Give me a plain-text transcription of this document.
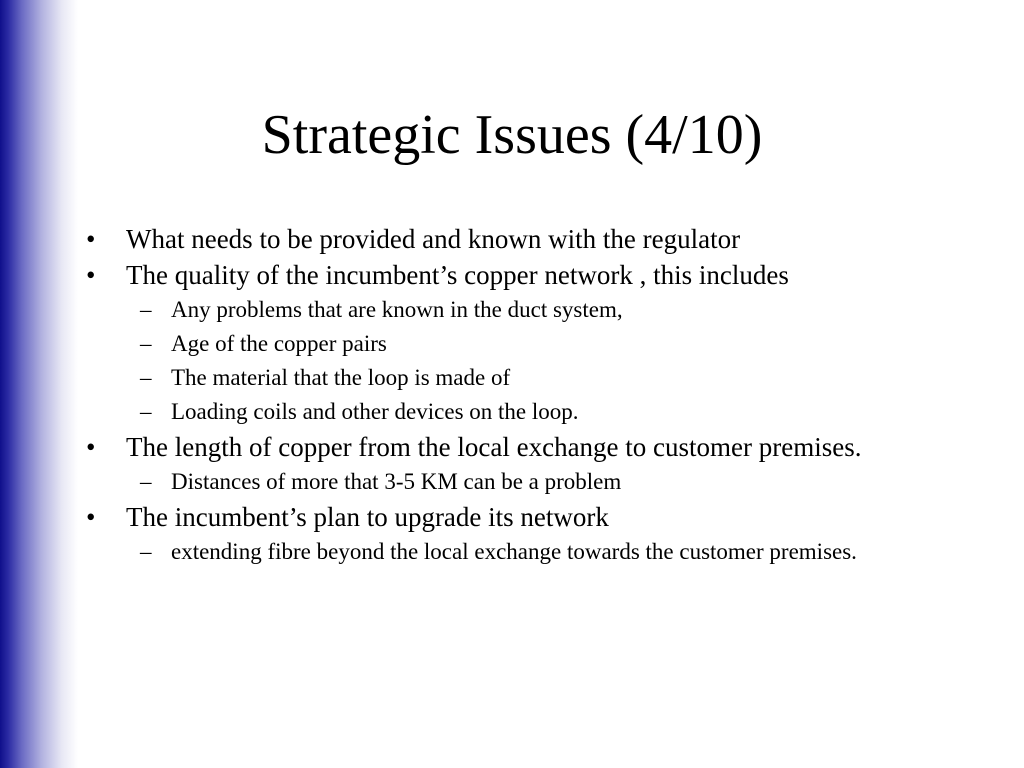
Strategic Issues (4/10)
• What needs to be provided and known with the regulator
• The quality of the incumbent’s copper network , this includes
– Any problems that are known in the duct system,
– Age of the copper pairs
– The material that the loop is made of
– Loading coils and other devices on the loop.
• The length of copper from the local exchange to customer premises.
– Distances of more that 3-5 KM can be a problem
• The incumbent’s plan to upgrade its network
– extending fibre beyond the local exchange towards the customer premises.
